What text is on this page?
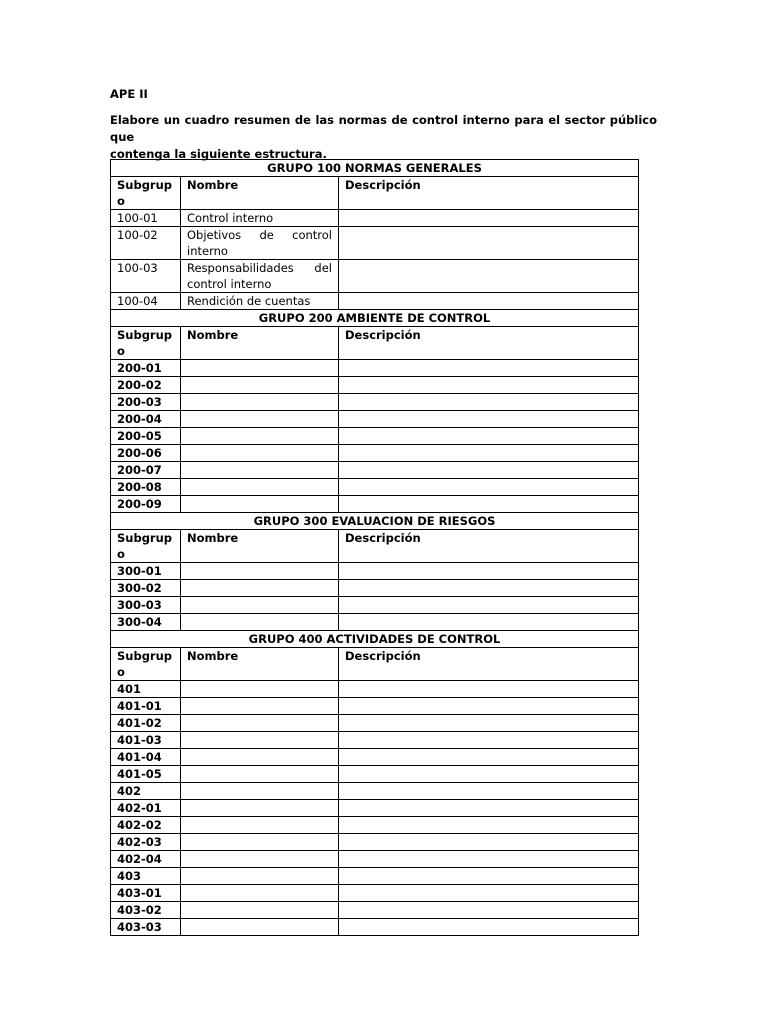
APE II

Elabore un cuadro resumen de las normas de control interno para el sector público que
contenga la siguiente estructura.

GRUPO 100 NORMAS GENERALES		
Subgrup
o	Nombre	Descripción
100-01	Control interno	
100-02	Objetivos de control interno	
100-03	Responsabilidades del control interno	
100-04	Rendición de cuentas	
GRUPO 200 AMBIENTE DE CONTROL		
Subgrup
o	Nombre	Descripción
200-01		
200-02		
200-03		
200-04		
200-05		
200-06		
200-07		
200-08		
200-09		
GRUPO 300 EVALUACION DE RIESGOS		
Subgrup
o	Nombre	Descripción
300-01		
300-02		
300-03		
300-04		
GRUPO 400 ACTIVIDADES DE CONTROL		
Subgrup
o	Nombre	Descripción
401		
401-01		
401-02		
401-03		
401-04		
401-05		
402		
402-01		
402-02		
402-03		
402-04		
403		
403-01		
403-02		
403-03		
